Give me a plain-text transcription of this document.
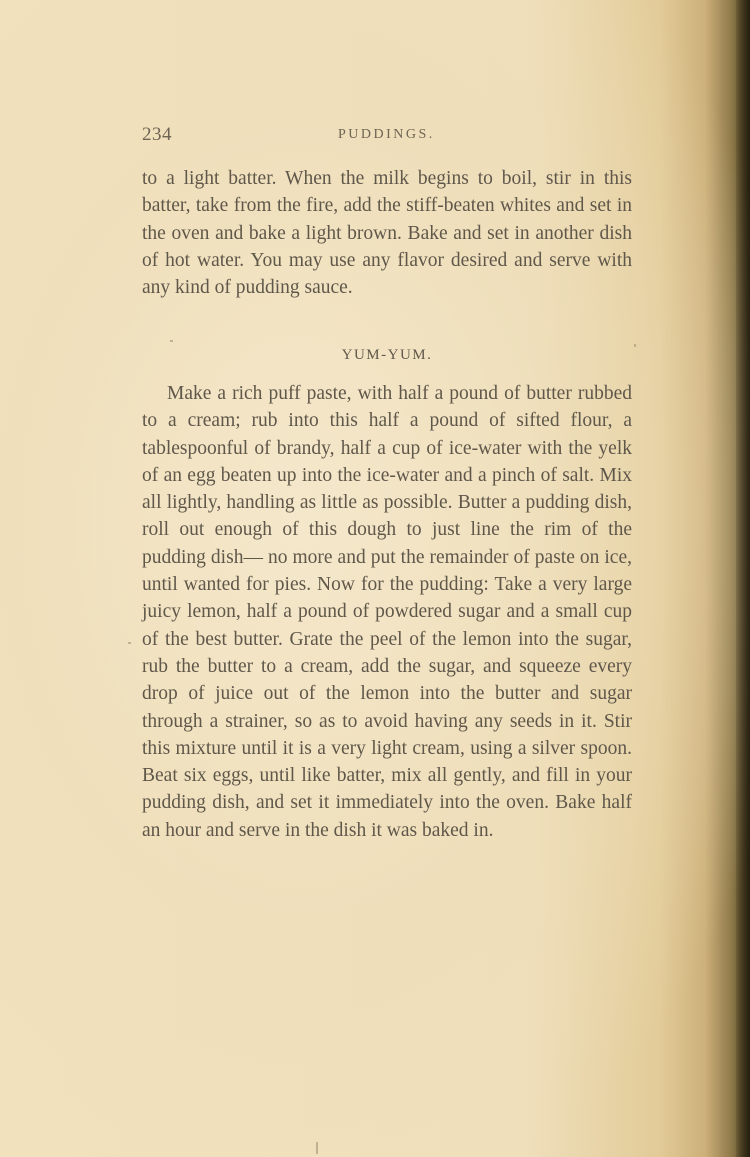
234	PUDDINGS.

to a light batter. When the milk begins to boil, stir in this batter, take from the fire, add the stiff-beaten whites and set in the oven and bake a light brown. Bake and set in another dish of hot water. You may use any flavor desired and serve with any kind of pudding sauce.

YUM-YUM.

Make a rich puff paste, with half a pound of butter rubbed to a cream; rub into this half a pound of sifted flour, a tablespoonful of brandy, half a cup of ice-water with the yelk of an egg beaten up into the ice-water and a pinch of salt. Mix all lightly, handling as little as possible. Butter a pudding dish, roll out enough of this dough to just line the rim of the pudding dish— no more and put the remainder of paste on ice, until wanted for pies. Now for the pudding: Take a very large juicy lemon, half a pound of powdered sugar and a small cup of the best butter. Grate the peel of the lemon into the sugar, rub the butter to a cream, add the sugar, and squeeze every drop of juice out of the lemon into the butter and sugar through a strainer, so as to avoid having any seeds in it. Stir this mixture until it is a very light cream, using a silver spoon. Beat six eggs, until like batter, mix all gently, and fill in your pudding dish, and set it immediately into the oven. Bake half an hour and serve in the dish it was baked in.
